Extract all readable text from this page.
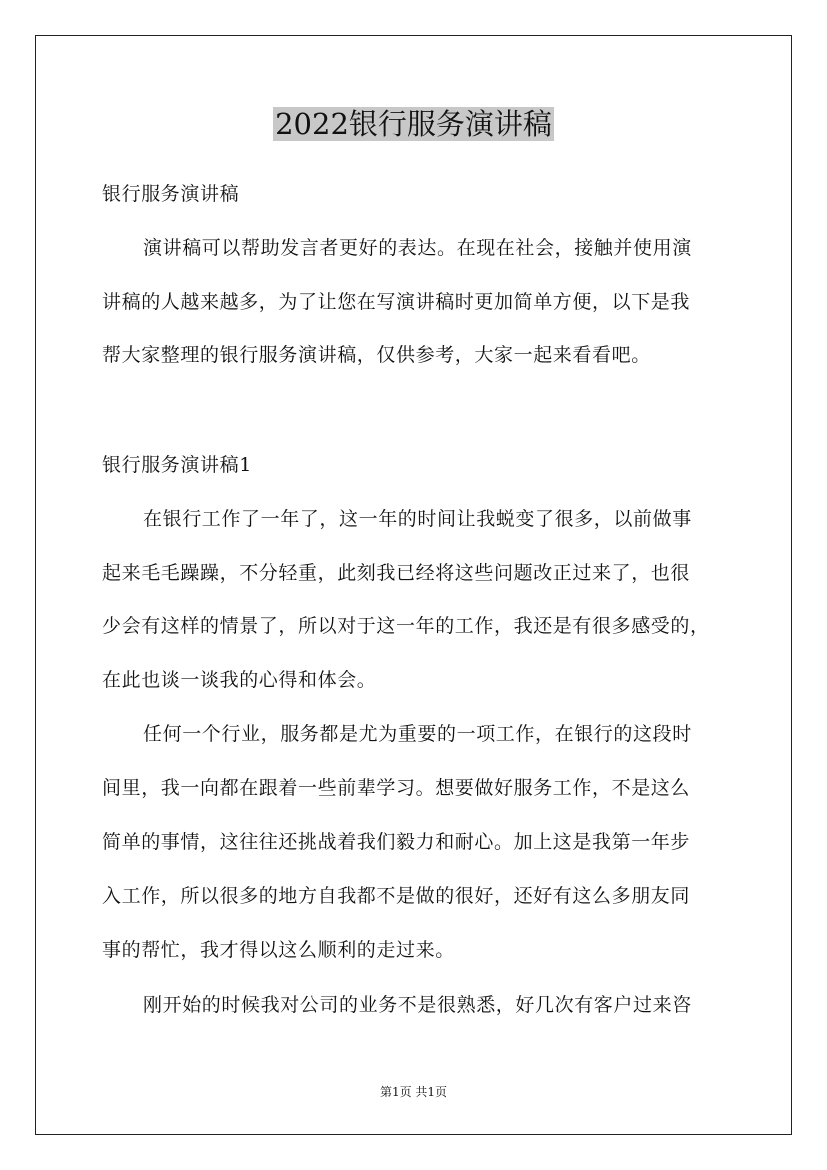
2022银行服务演讲稿
银行服务演讲稿
演讲稿可以帮助发言者更好的表达。在现在社会，接触并使用演
讲稿的人越来越多，为了让您在写演讲稿时更加简单方便，以下是我
帮大家整理的银行服务演讲稿，仅供参考，大家一起来看看吧。
银行服务演讲稿1
在银行工作了一年了，这一年的时间让我蜕变了很多，以前做事
起来毛毛躁躁，不分轻重，此刻我已经将这些问题改正过来了，也很
少会有这样的情景了，所以对于这一年的工作，我还是有很多感受的，
在此也谈一谈我的心得和体会。
任何一个行业，服务都是尤为重要的一项工作，在银行的这段时
间里，我一向都在跟着一些前辈学习。想要做好服务工作，不是这么
简单的事情，这往往还挑战着我们毅力和耐心。加上这是我第一年步
入工作，所以很多的地方自我都不是做的很好，还好有这么多朋友同
事的帮忙，我才得以这么顺利的走过来。
刚开始的时候我对公司的业务不是很熟悉，好几次有客户过来咨
第1页 共1页
